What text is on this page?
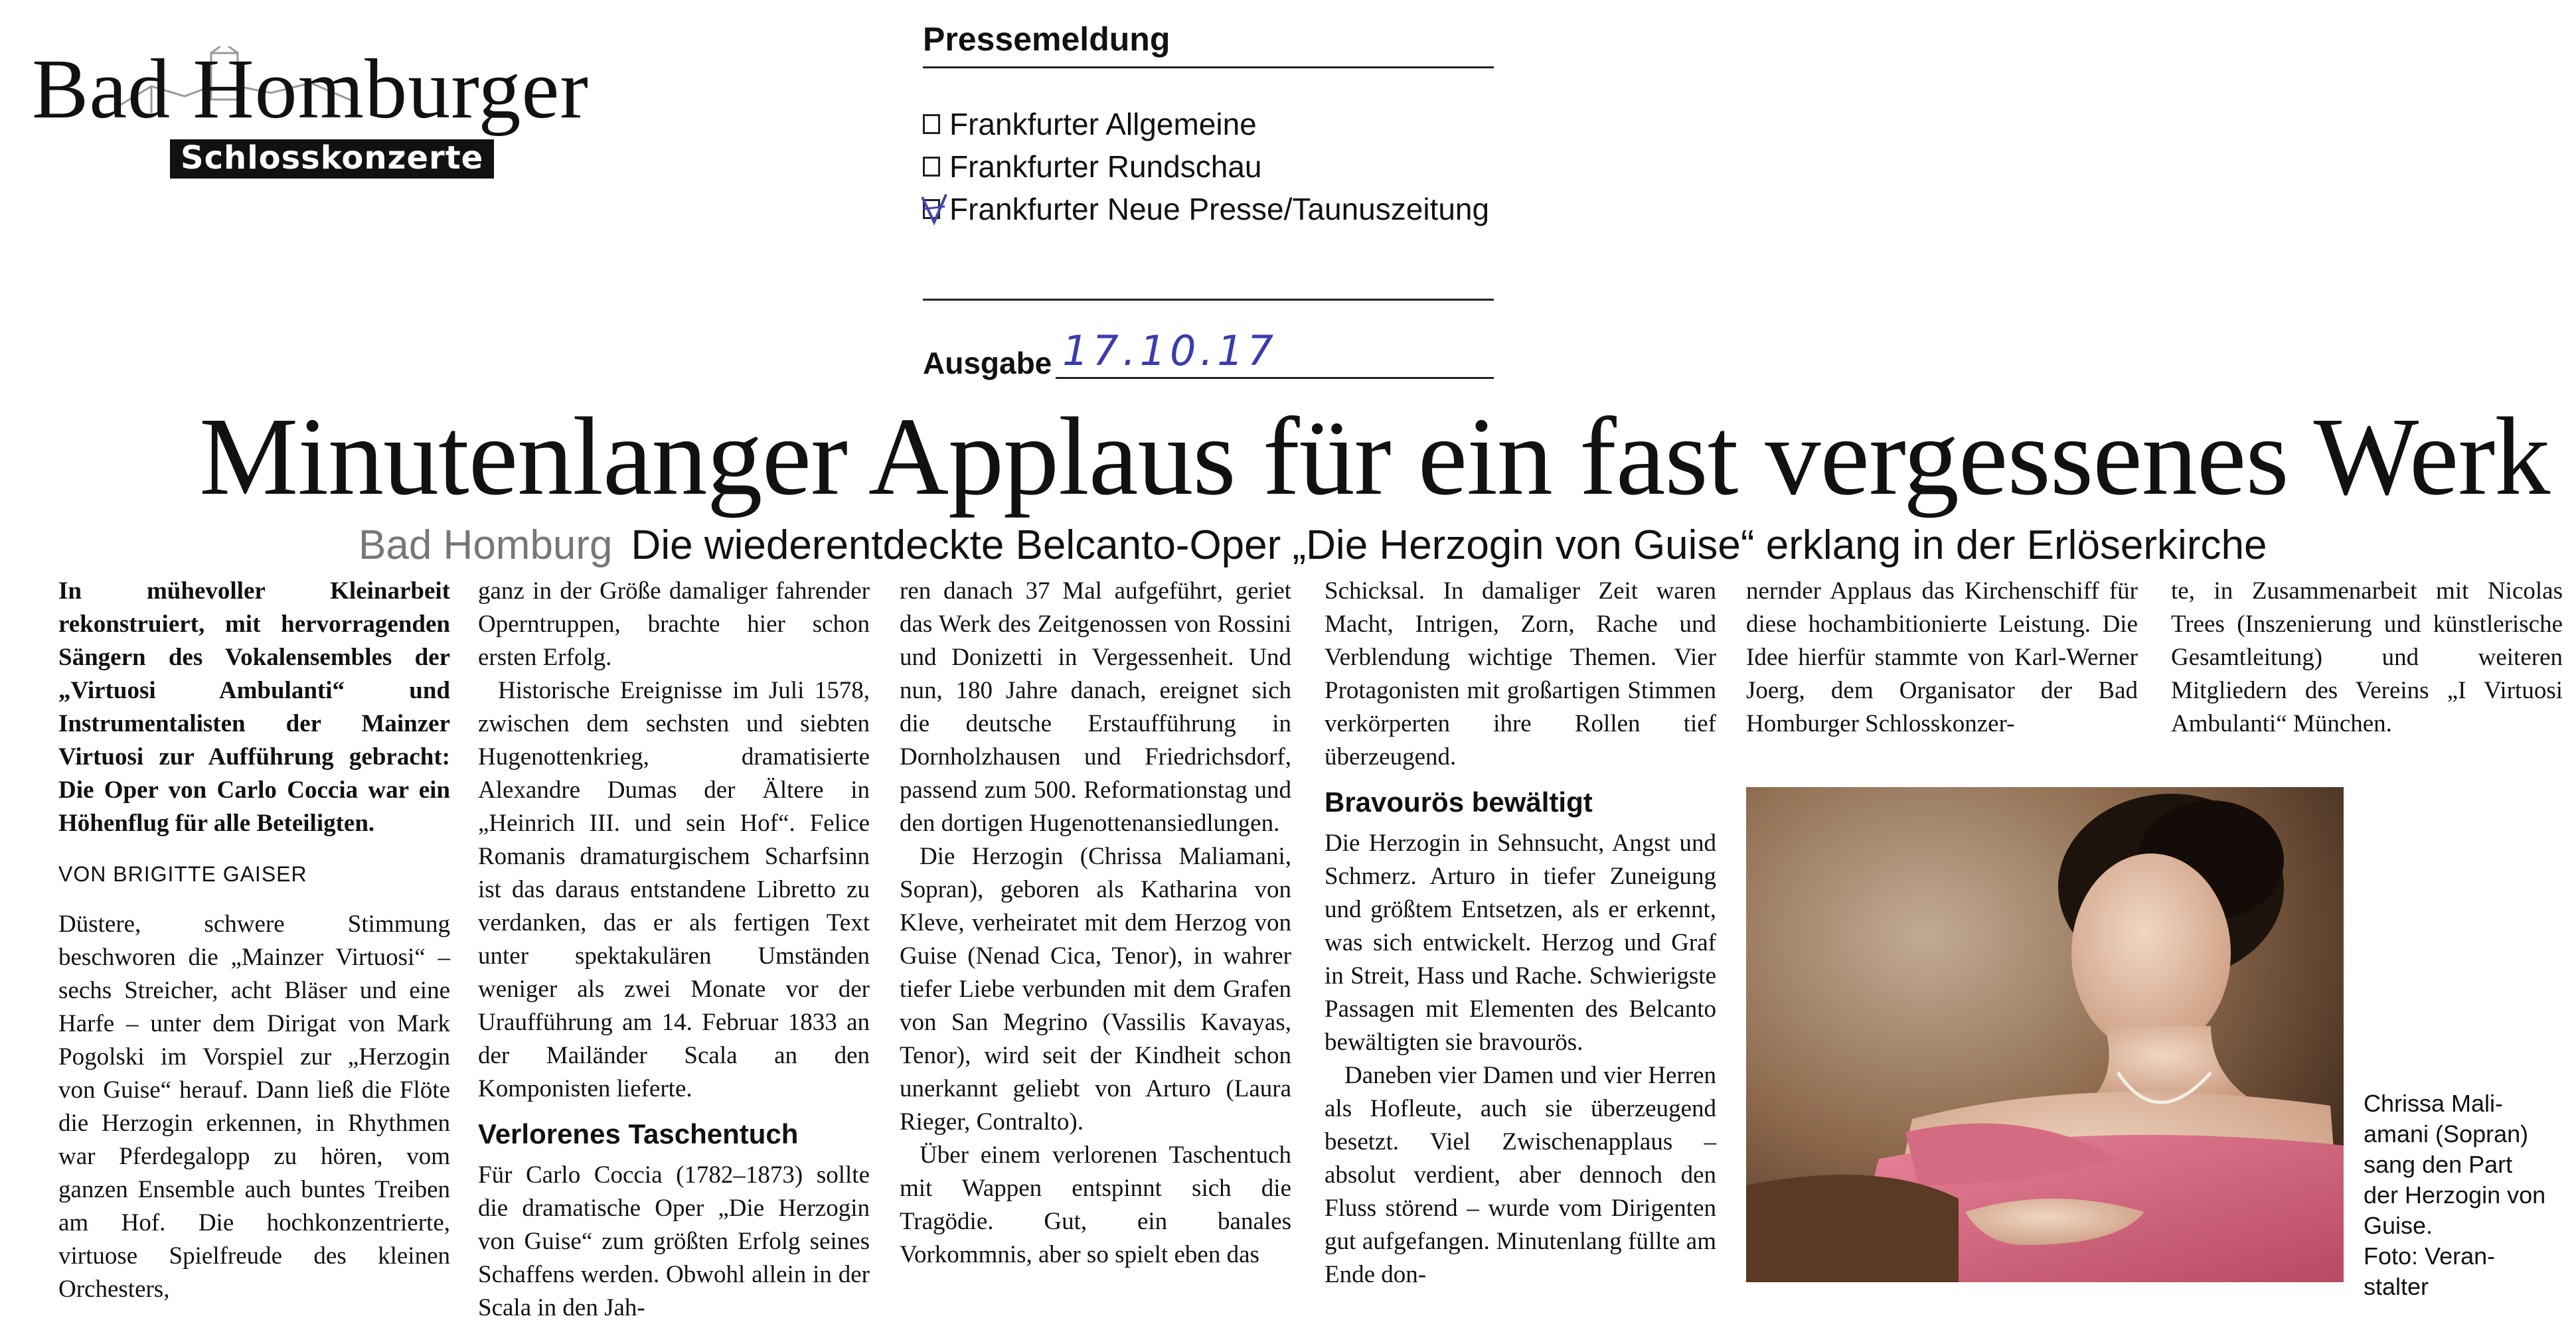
Bad Homburger
Schlosskonzerte
Pressemeldung
Frankfurter Allgemeine
Frankfurter Rundschau
Frankfurter Neue Presse/Taunuszeitung
Ausgabe 17.10.17
Minutenlanger Applaus für ein fast vergessenes Werk
Bad Homburg Die wiederentdeckte Belcanto-Oper „Die Herzogin von Guise“ erklang in der Erlöserkirche

In mühevoller Kleinarbeit rekonstruiert, mit hervorragenden Sängern des Vokalensembles der „Virtuosi Ambulanti“ und Instrumentalisten der Mainzer Virtuosi zur Aufführung gebracht: Die Oper von Carlo Coccia war ein Höhenflug für alle Beteiligten.

VON BRIGITTE GAISER

Düstere, schwere Stimmung beschworen die „Mainzer Virtuosi“ – sechs Streicher, acht Bläser und eine Harfe – unter dem Dirigat von Mark Pogolski im Vorspiel zur „Herzogin von Guise“ herauf. Dann ließ die Flöte die Herzogin erkennen, in Rhythmen war Pferdegalopp zu hören, vom ganzen Ensemble auch buntes Treiben am Hof. Die hochkonzentrierte, virtuose Spielfreude des kleinen Orchesters,

ganz in der Größe damaliger fahrender Operntruppen, brachte hier schon ersten Erfolg.

Historische Ereignisse im Juli 1578, zwischen dem sechsten und siebten Hugenottenkrieg, dramatisierte Alexandre Dumas der Ältere in „Heinrich III. und sein Hof“. Felice Romanis dramaturgischem Scharfsinn ist das daraus entstandene Libretto zu verdanken, das er als fertigen Text unter spektakulären Umständen weniger als zwei Monate vor der Uraufführung am 14. Februar 1833 an der Mailänder Scala an den Komponisten lieferte.

Verlorenes Taschentuch

Für Carlo Coccia (1782–1873) sollte die dramatische Oper „Die Herzogin von Guise“ zum größten Erfolg seines Schaffens werden. Obwohl allein in der Scala in den Jah-

ren danach 37 Mal aufgeführt, geriet das Werk des Zeitgenossen von Rossini und Donizetti in Vergessenheit. Und nun, 180 Jahre danach, ereignet sich die deutsche Erstaufführung in Dornholzhausen und Friedrichsdorf, passend zum 500. Reformationstag und den dortigen Hugenottenansiedlungen.

Die Herzogin (Chrissa Maliamani, Sopran), geboren als Katharina von Kleve, verheiratet mit dem Herzog von Guise (Nenad Cica, Tenor), in wahrer tiefer Liebe verbunden mit dem Grafen von San Megrino (Vassilis Kavayas, Tenor), wird seit der Kindheit schon unerkannt geliebt von Arturo (Laura Rieger, Contralto).

Über einem verlorenen Taschentuch mit Wappen entspinnt sich die Tragödie. Gut, ein banales Vorkommnis, aber so spielt eben das

Schicksal. In damaliger Zeit waren Macht, Intrigen, Zorn, Rache und Verblendung wichtige Themen. Vier Protagonisten mit großartigen Stimmen verkörperten ihre Rollen tief überzeugend.

Bravourös bewältigt

Die Herzogin in Sehnsucht, Angst und Schmerz. Arturo in tiefer Zuneigung und größtem Entsetzen, als er erkennt, was sich entwickelt. Herzog und Graf in Streit, Hass und Rache. Schwierigste Passagen mit Elementen des Belcanto bewältigten sie bravourös.

Daneben vier Damen und vier Herren als Hofleute, auch sie überzeugend besetzt. Viel Zwischenapplaus – absolut verdient, aber dennoch den Fluss störend – wurde vom Dirigenten gut aufgefangen. Minutenlang füllte am Ende don-

nernder Applaus das Kirchenschiff für diese hochambitionierte Leistung. Die Idee hierfür stammte von Karl-Werner Joerg, dem Organisator der Bad Homburger Schlosskonzer-

te, in Zusammenarbeit mit Nicolas Trees (Inszenierung und künstlerische Gesamtleitung) und weiteren Mitgliedern des Vereins „I Virtuosi Ambulanti“ München.

Chrissa Mali-
amani (Sopran)
sang den Part
der Herzogin von
Guise.
Foto: Veran-
stalter
